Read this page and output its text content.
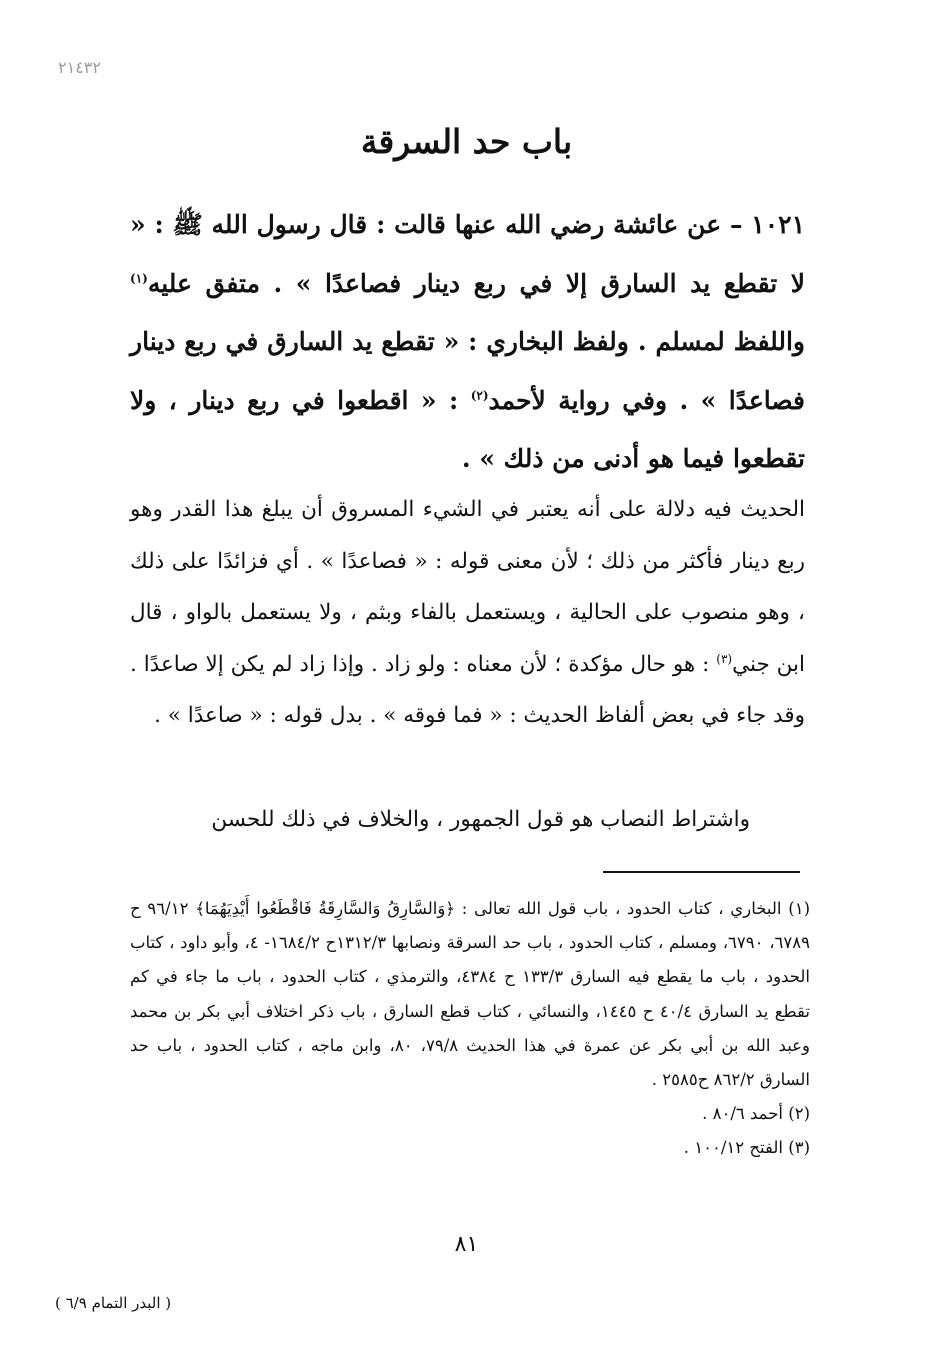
٢١٤٣٢
باب حد السرقة
١٠٢١ – عن عائشة رضي الله عنها قالت : قال رسول الله ﷺ : « لا تقطع يد السارق إلا في ربع دينار فصاعدًا » . متفق عليه$^{(١)}$ واللفظ لمسلم . ولفظ البخاري : « تقطع يد السارق في ربع دينار فصاعدًا » . وفي رواية لأحمد$^{(٢)}$ : « اقطعوا في ربع دينار ، ولا تقطعوا فيما هو أدنى من ذلك » .
الحديث فيه دلالة على أنه يعتبر في الشيء المسروق أن يبلغ هذا القدر وهو ربع دينار فأكثر من ذلك ؛ لأن معنى قوله : « فصاعدًا » . أي فزائدًا على ذلك ، وهو منصوب على الحالية ، ويستعمل بالفاء وبثم ، ولا يستعمل بالواو ، قال ابن جني$^{(٣)}$ : هو حال مؤكدة ؛ لأن معناه : ولو زاد . وإذا زاد لم يكن إلا صاعدًا . وقد جاء في بعض ألفاظ الحديث : « فما فوقه » . بدل قوله : « صاعدًا » .
واشتراط النصاب هو قول الجمهور ، والخلاف في ذلك للحسن
(١) البخاري ، كتاب الحدود ، باب قول الله تعالى : ﴿وَالسَّارِقُ وَالسَّارِقَةُ فَاقْطَعُوا أَيْدِيَهُمَا﴾ ٩٦/١٢ ح ٦٧٨٩، ٦٧٩٠، ومسلم ، كتاب الحدود ، باب حد السرقة ونصابها ١٣١٢/٣ح ١٦٨٤/٢- ٤، وأبو داود ، كتاب الحدود ، باب ما يقطع فيه السارق ١٣٣/٣ ح ٤٣٨٤، والترمذي ، كتاب الحدود ، باب ما جاء في كم تقطع يد السارق ٤٠/٤ ح ١٤٤٥، والنسائي ، كتاب قطع السارق ، باب ذكر اختلاف أبي بكر بن محمد وعبد الله بن أبي بكر عن عمرة في هذا الحديث ٧٩/٨، ٨٠، وابن ماجه ، كتاب الحدود ، باب حد السارق ٨٦٢/٢ ح٢٥٨٥ .
(٢) أحمد ٨٠/٦ .
(٣) الفتح ١٠٠/١٢ .
٨١
( البدر التمام ٦/٩ )
